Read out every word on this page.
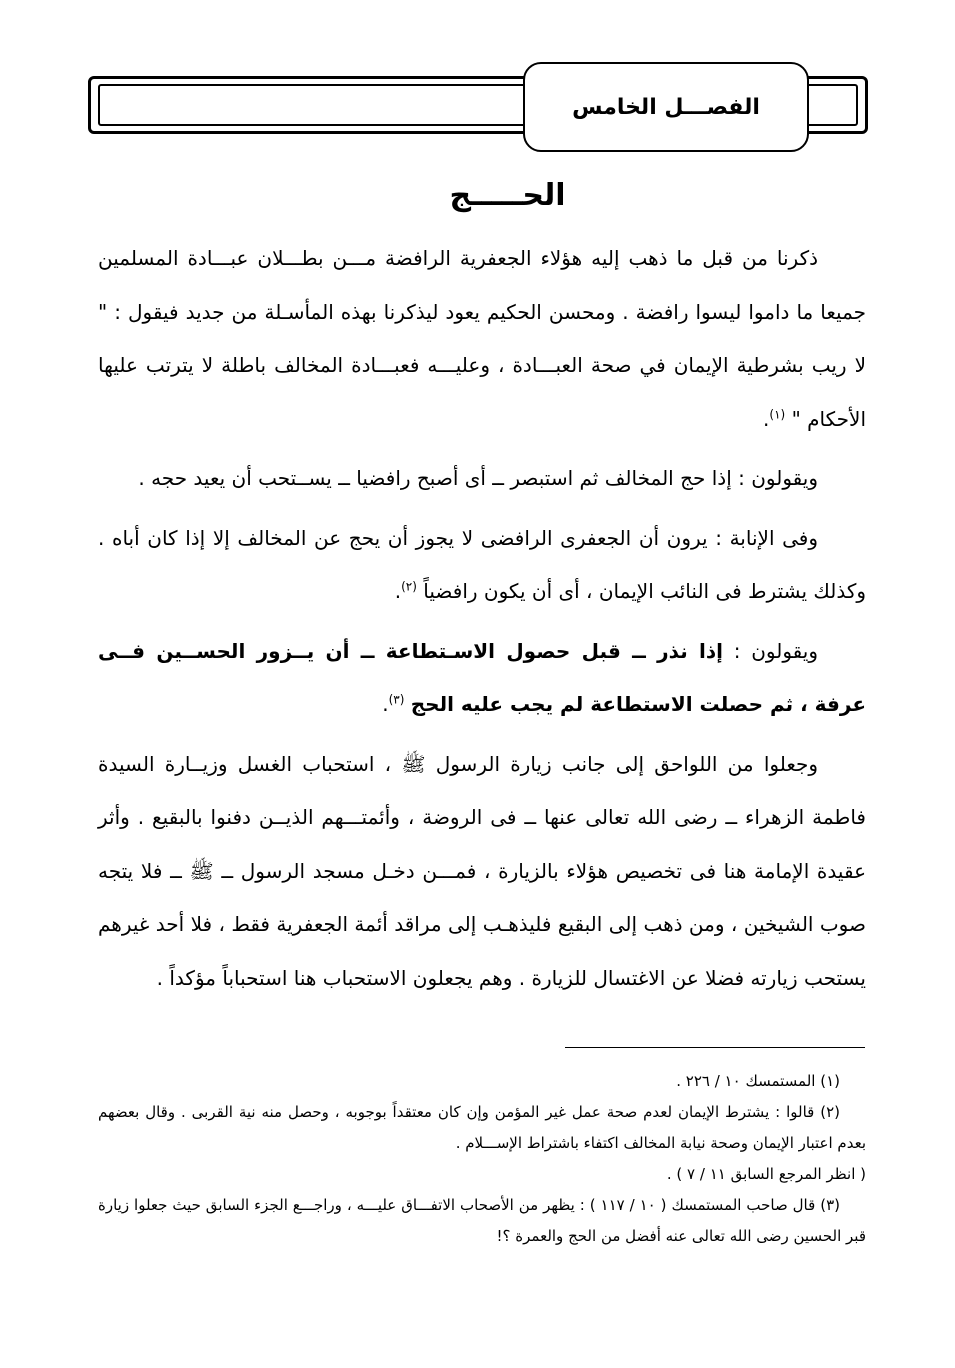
الفصـــل الخامس
الحـــــج

ذكرنا من قبل ما ذهب إليه هؤلاء الجعفرية الرافضة مـــن بطـــلان عبـــادة المسلمين جميعا ما داموا ليسوا رافضة . ومحسن الحكيم يعود ليذكرنا بهذه المأسـلة من جديد فيقول : " لا ريب بشرطية الإيمان في صحة العبـــادة ، وعليـــه فعبـــادة المخالف باطلة لا يترتب عليها الأحكام " $^{(١)}$.

ويقولون : إذا حج المخالف ثم استبصر ــ أى أصبح رافضيا ــ يســتحب أن يعيد حجه .

وفى الإنابة : يرون أن الجعفرى الرافضى لا يجوز أن يحج عن المخالف إلا إذا كان أباه . وكذلك يشترط فى النائب الإيمان ، أى أن يكون رافضياً $^{(٢)}$.

ويقولون : إذا نذر ــ قبل حصول الاسـتطاعة ــ أن يــزور الحســين فــى عرفة ، ثم حصلت الاستطاعة لم يجب عليه الحج $^{(٣)}$.

وجعلوا من اللواحق إلى جانب زيارة الرسول ﷺ ، استحباب الغسل وزيــارة السيدة فاطمة الزهراء ــ رضى الله تعالى عنها ــ فى الروضة ، وأئمتـــهم الذيــن دفنوا بالبقيع . وأثر عقيدة الإمامة هنا فى تخصيص هؤلاء بالزيارة ، فمـــن دخـل مسجد الرسول ــ ﷺ ــ فلا يتجه صوب الشيخين ، ومن ذهب إلى البقيع فليذهـب إلى مراقد أئمة الجعفرية فقط ، فلا أحد غيرهم يستحب زيارته فضلا عن الاغتسال للزيارة . وهم يجعلون الاستحباب هنا استحباباً مؤكداً .

(١) المستمسك ١٠ / ٢٢٦ .

(٢) قالوا : يشترط الإيمان لعدم صحة عمل غير المؤمن وإن كان معتقداً بوجوبه ، وحصل منه نية القربى . وقال بعضهم بعدم اعتبار الإيمان وصحة نيابة المخالف اكتفاء باشتراط الإســـلام .

( انظر المرجع السابق ١١ / ٧ ) .

(٣) قال صاحب المستمسك ( ١٠ / ١١٧ ) : يظهر من الأصحاب الاتفـــاق عليـــه ، وراجـــع الجزء السابق حيث جعلوا زيارة قبر الحسين رضى الله تعالى عنه أفضل من الحج والعمرة ؟!
